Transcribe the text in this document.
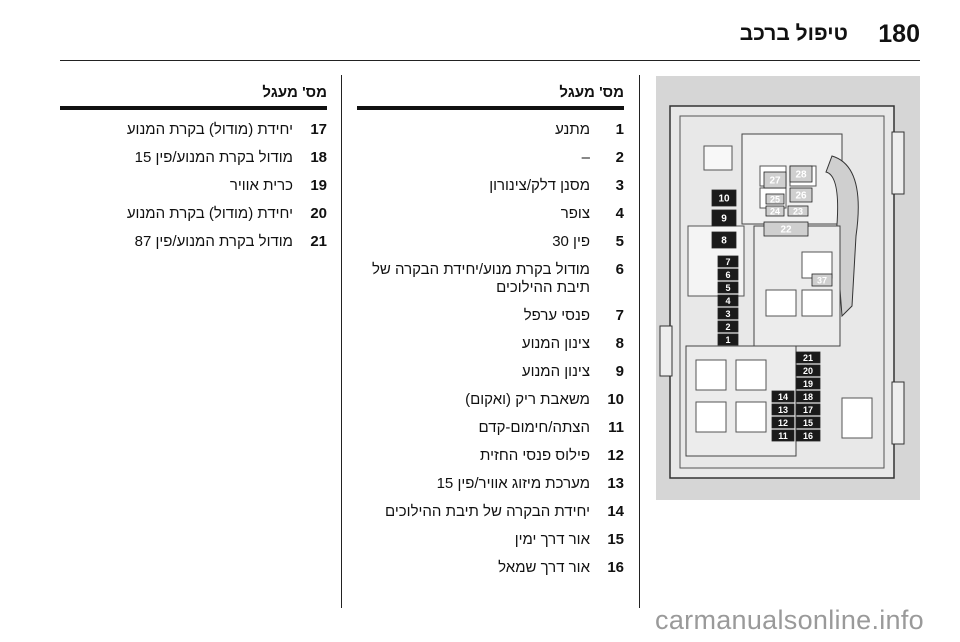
180
טיפול ברכב
מס' מעגל
1
מתנע
2
–
3
מסנן דלק/צינורון
4
צופר
5
פין 30
6
מודול בקרת מנוע/יחידת הבקרה של תיבת ההילוכים
7
פנסי ערפל
8
צינון המנוע
9
צינון המנוע
10
משאבת ריק (ואקום)
11
הצתה/חימום-קדם
12
פילוס פנסי החזית
13
מערכת מיזוג אוויר/פין 15
14
יחידת הבקרה של תיבת ההילוכים
15
אור דרך ימין
16
אור דרך שמאל
מס' מעגל
17
יחידת (מודול) בקרת המנוע
18
מודול בקרת המנוע/פין 15
19
כרית אוויר
20
יחידת (מודול) בקרת המנוע
21
מודול בקרת המנוע/פין 87
10
9
8
7
6
5
4
3
2
1
21
20
19
14 18
13 17
12 15
11 16
27
28
26
25
24 23
22
37
carmanualsonline.info
